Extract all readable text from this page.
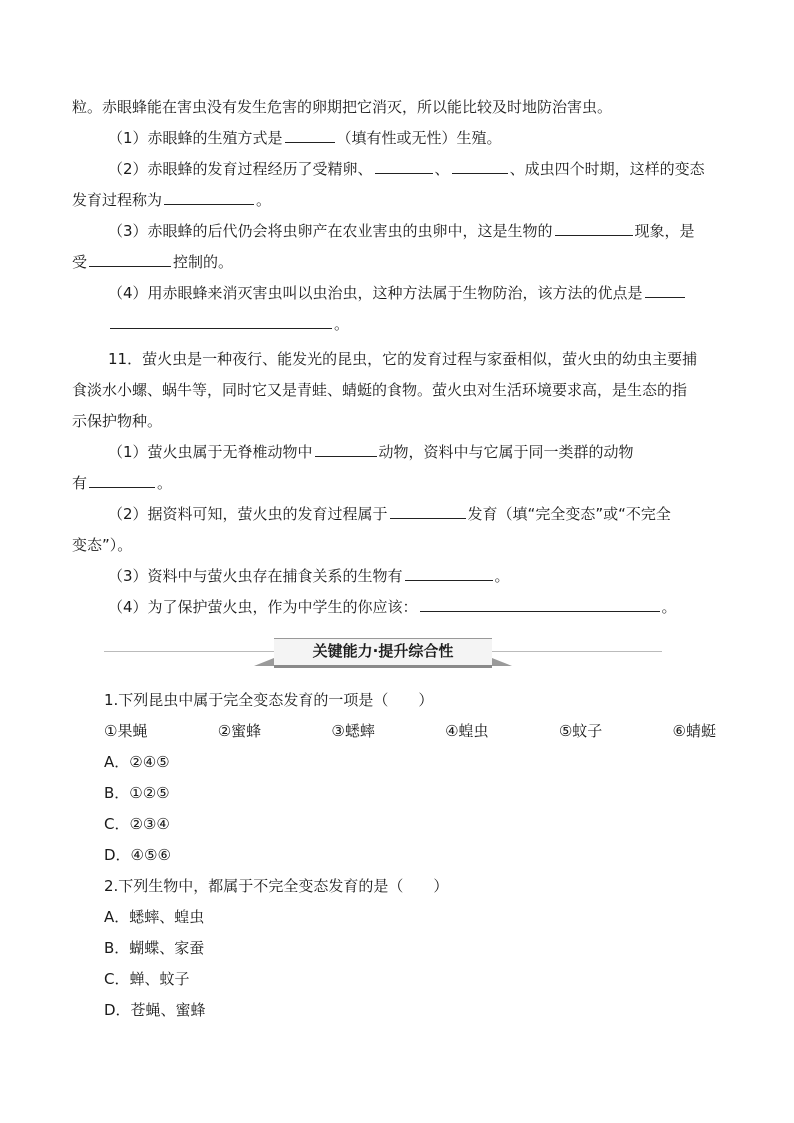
粒。赤眼蜂能在害虫没有发生危害的卵期把它消灭，所以能比较及时地防治害虫。

（1）赤眼蜂的生殖方式是	（填有性或无性）生殖。

（2）赤眼蜂的发育过程经历了受精卵、	、	、成虫四个时期，这样的变态

发育过程称为	。

（3）赤眼蜂的后代仍会将虫卵产在农业害虫的虫卵中，这是生物的	现象，是

受	控制的。

（4）用赤眼蜂来消灭害虫叫以虫治虫，这种方法属于生物防治，该方法的优点是

。

11．萤火虫是一种夜行、能发光的昆虫，它的发育过程与家蚕相似，萤火虫的幼虫主要捕

食淡水小螺、蜗牛等，同时它又是青蛙、蜻蜓的食物。萤火虫对生活环境要求高，是生态的指

示保护物种。

（1）萤火虫属于无脊椎动物中	动物，资料中与它属于同一类群的动物

有	。

（2）据资料可知，萤火虫的发育过程属于	发育（填“完全变态”或“不完全

变态”）。

（3）资料中与萤火虫存在捕食关系的生物有	。

（4）为了保护萤火虫，作为中学生的你应该：	。

关键能力·提升综合性

1.下列昆虫中属于完全变态发育的一项是（　　）

①果蝇	②蜜蜂	③蟋蟀	④蝗虫	⑤蚊子	⑥蜻蜓

A．②④⑤

B．①②⑤

C．②③④

D．④⑤⑥

2.下列生物中，都属于不完全变态发育的是（　　）

A．蟋蟀、蝗虫

B．蝴蝶、家蚕

C．蝉、蚊子

D．苍蝇、蜜蜂
